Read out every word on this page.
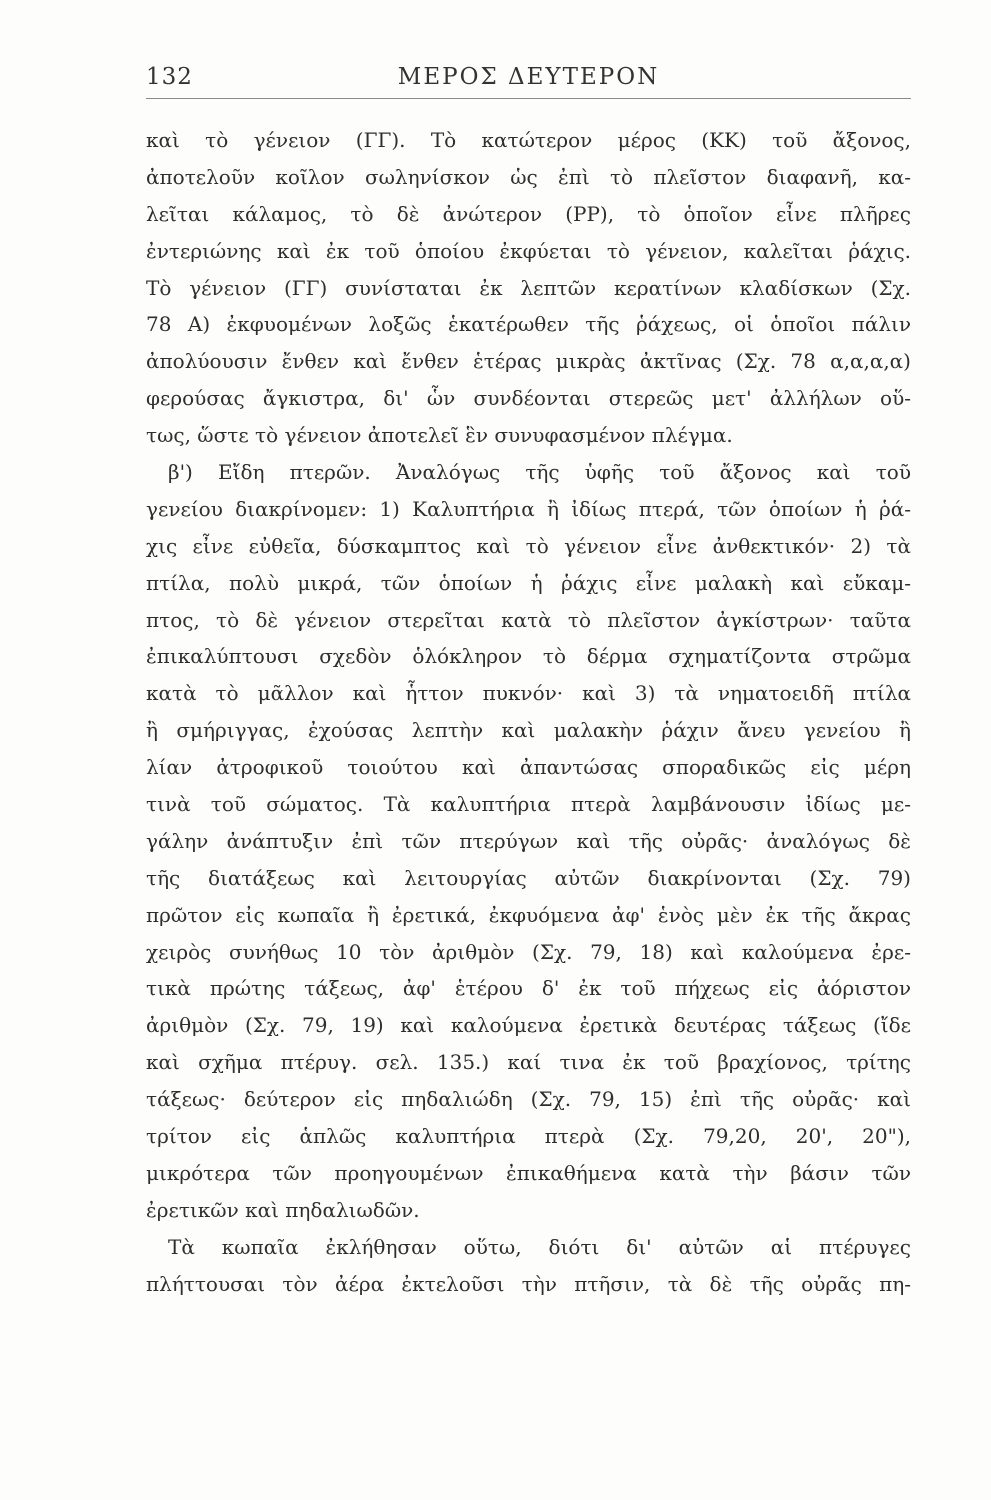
132	ΜΕΡΟΣ ΔΕΥΤΕΡΟΝ
καὶ τὸ γένειον (ΓΓ). Τὸ κατώτερον μέρος (ΚΚ) τοῦ ἄξονος,
ἀποτελοῦν κοῖλον σωληνίσκον ὡς ἐπὶ τὸ πλεῖστον διαφανῆ, κα-
λεῖται κάλαμος, τὸ δὲ ἀνώτερον (ΡΡ), τὸ ὁποῖον εἶνε πλῆρες
ἐντεριώνης καὶ ἐκ τοῦ ὁποίου ἐκφύεται τὸ γένειον, καλεῖται ῥάχις.
Τὸ γένειον (ΓΓ) συνίσταται ἐκ λεπτῶν κερατίνων κλαδίσκων (Σχ.
78 Α) ἐκφυομένων λοξῶς ἑκατέρωθεν τῆς ῥάχεως, οἱ ὁποῖοι πάλιν
ἀπολύουσιν ἔνθεν καὶ ἔνθεν ἑτέρας μικρὰς ἀκτῖνας (Σχ. 78 α,α,α,α)
φερούσας ἄγκιστρα, δι' ὧν συνδέονται στερεῶς μετ' ἀλλήλων οὕ-
τως, ὥστε τὸ γένειον ἀποτελεῖ ἓν συνυφασμένον πλέγμα.
β') Εἴδη πτερῶν. Ἀναλόγως τῆς ὑφῆς τοῦ ἄξονος καὶ τοῦ
γενείου διακρίνομεν: 1) Καλυπτήρια ἢ ἰδίως πτερά, τῶν ὁποίων ἡ ῥά-
χις εἶνε εὐθεῖα, δύσκαμπτος καὶ τὸ γένειον εἶνε ἀνθεκτικόν· 2) τὰ
πτίλα, πολὺ μικρά, τῶν ὁποίων ἡ ῥάχις εἶνε μαλακὴ καὶ εὔκαμ-
πτος, τὸ δὲ γένειον στερεῖται κατὰ τὸ πλεῖστον ἀγκίστρων· ταῦτα
ἐπικαλύπτουσι σχεδὸν ὁλόκληρον τὸ δέρμα σχηματίζοντα στρῶμα
κατὰ τὸ μᾶλλον καὶ ἧττον πυκνόν· καὶ 3) τὰ νηματοειδῆ πτίλα
ἢ σμήριγγας, ἐχούσας λεπτὴν καὶ μαλακὴν ῥάχιν ἄνευ γενείου ἢ
λίαν ἀτροφικοῦ τοιούτου καὶ ἀπαντώσας σποραδικῶς εἰς μέρη
τινὰ τοῦ σώματος. Τὰ καλυπτήρια πτερὰ λαμβάνουσιν ἰδίως με-
γάλην ἀνάπτυξιν ἐπὶ τῶν πτερύγων καὶ τῆς οὐρᾶς· ἀναλόγως δὲ
τῆς διατάξεως καὶ λειτουργίας αὐτῶν διακρίνονται (Σχ. 79)
πρῶτον εἰς κωπαῖα ἢ ἐρετικά, ἐκφυόμενα ἀφ' ἑνὸς μὲν ἐκ τῆς ἄκρας
χειρὸς συνήθως 10 τὸν ἀριθμὸν (Σχ. 79, 18) καὶ καλούμενα ἐρε-
τικὰ πρώτης τάξεως, ἀφ' ἑτέρου δ' ἐκ τοῦ πήχεως εἰς ἀόριστον
ἀριθμὸν (Σχ. 79, 19) καὶ καλούμενα ἐρετικὰ δευτέρας τάξεως (ἴδε
καὶ σχῆμα πτέρυγ. σελ. 135.) καί τινα ἐκ τοῦ βραχίονος, τρίτης
τάξεως· δεύτερον εἰς πηδαλιώδη (Σχ. 79, 15) ἐπὶ τῆς οὐρᾶς· καὶ
τρίτον εἰς ἁπλῶς καλυπτήρια πτερὰ (Σχ. 79,20, 20', 20"),
μικρότερα τῶν προηγουμένων ἐπικαθήμενα κατὰ τὴν βάσιν τῶν
ἐρετικῶν καὶ πηδαλιωδῶν.
Τὰ κωπαῖα ἐκλήθησαν οὕτω, διότι δι' αὐτῶν αἱ πτέρυγες
πλήττουσαι τὸν ἀέρα ἐκτελοῦσι τὴν πτῆσιν, τὰ δὲ τῆς οὐρᾶς πη-
